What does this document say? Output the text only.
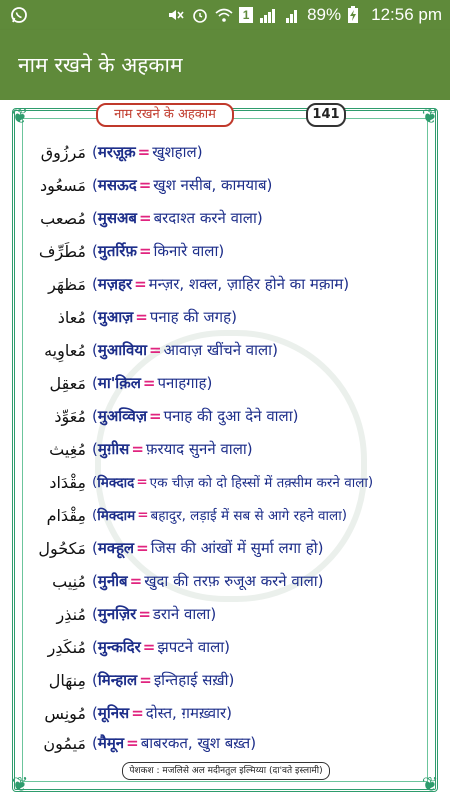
1	89% 12:56 pm
नाम रखने के अहकाम
❦	❦
❦	❦
नाम रखने के अहकाम	141
مَرزُوق ( मरज़ूक़ = खुशहाल )
مَسعُود ( मसऊद = खुश नसीब, कामयाब )
مُصعب ( मुसअब = बरदाश्त करने वाला )
مُطَرِّف ( मुतर्रिफ़ = किनारे वाला )
مَظهَر ( मज़हर = मन्ज़र, शक्ल, ज़ाहिर होने का मक़ाम )
مُعاذ ( मुआज़ = पनाह की जगह )
مُعاوِيه ( मुआविया = आवाज़ खींचने वाला )
مَعقِل ( मा'क़िल = पनाहगाह )
مُعَوِّذ ( मुअव्विज़ = पनाह की दुआ देने वाला )
مُغِيث ( मुग़ीस = फ़रयाद सुनने वाला )
مِقْدَاد ( मिक्दाद = एक चीज़ को दो हिस्सों में तक़्सीम करने वाला )
مِقْدَام ( मिक्दाम = बहादुर, लड़ाई में सब से आगे रहने वाला )
مَكحُول ( मक्हूल = जिस की आंखों में सुर्मा लगा हो )
مُنِيب ( मुनीब = खुदा की तरफ़ रुजूअ करने वाला )
مُنذِر ( मुनज़िर = डराने वाला )
مُنكَدِر ( मुन्कदिर = झपटने वाला )
مِنهَال ( मिन्हाल = इन्तिहाई सख़ी )
مُونِس ( मूनिस = दोस्त, ग़मख़्वार )
مَيمُون ( मैमून = बाबरकत, खुश बख़्त )
पेशकश : मजलिसे अल मदीनतुल इल्मिय्या (दा'वते इस्लामी)
